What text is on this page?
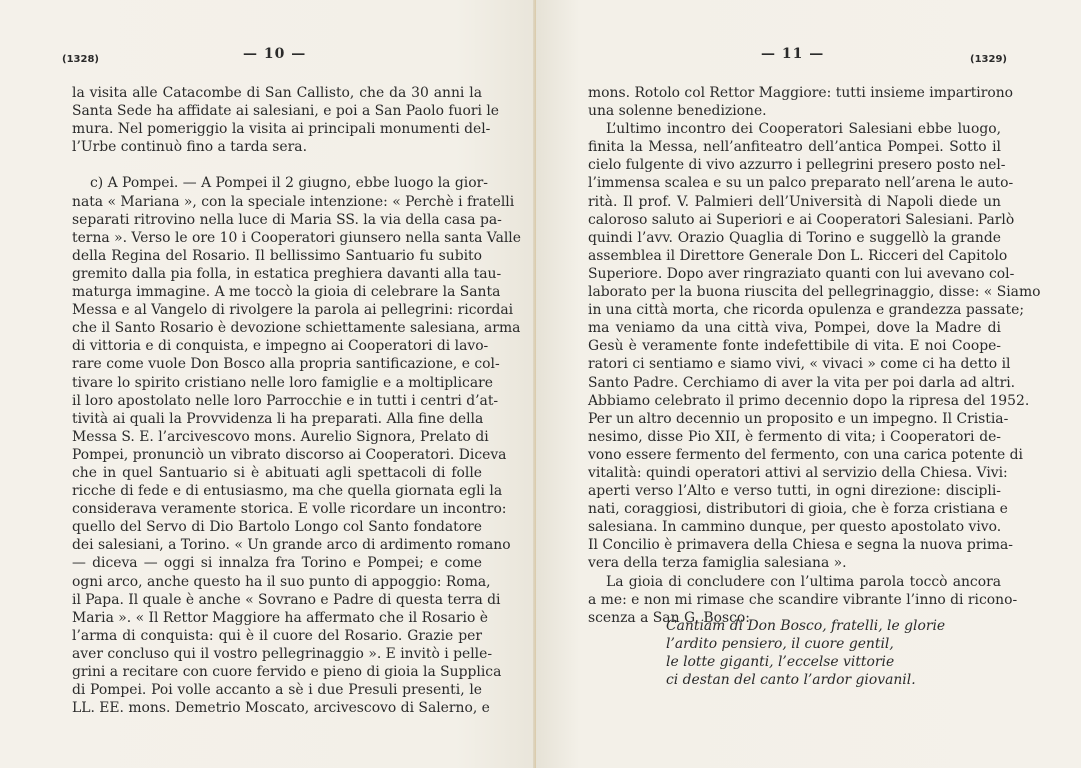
(1328)	— 10 —
la visita alle Catacombe di San Callisto, che da 30 anni la
Santa Sede ha affidate ai salesiani, e poi a San Paolo fuori le
mura. Nel pomeriggio la visita ai principali monumenti del-
l’Urbe continuò fino a tarda sera.

c) A Pompei. — A Pompei il 2 giugno, ebbe luogo la gior-
nata « Mariana », con la speciale intenzione: « Perchè i fratelli
separati ritrovino nella luce di Maria SS. la via della casa pa-
terna ». Verso le ore 10 i Cooperatori giunsero nella santa Valle
della Regina del Rosario. Il bellissimo Santuario fu subito
gremito dalla pia folla, in estatica preghiera davanti alla tau-
maturga immagine. A me toccò la gioia di celebrare la Santa
Messa e al Vangelo di rivolgere la parola ai pellegrini: ricordai
che il Santo Rosario è devozione schiettamente salesiana, arma
di vittoria e di conquista, e impegno ai Cooperatori di lavo-
rare come vuole Don Bosco alla propria santificazione, e col-
tivare lo spirito cristiano nelle loro famiglie e a moltiplicare
il loro apostolato nelle loro Parrocchie e in tutti i centri d’at-
tività ai quali la Provvidenza li ha preparati. Alla fine della
Messa S. E. l’arcivescovo mons. Aurelio Signora, Prelato di
Pompei, pronunciò un vibrato discorso ai Cooperatori. Diceva
che in quel Santuario si è abituati agli spettacoli di folle
ricche di fede e di entusiasmo, ma che quella giornata egli la
considerava veramente storica. E volle ricordare un incontro:
quello del Servo di Dio Bartolo Longo col Santo fondatore
dei salesiani, a Torino. « Un grande arco di ardimento romano
— diceva — oggi si innalza fra Torino e Pompei; e come
ogni arco, anche questo ha il suo punto di appoggio: Roma,
il Papa. Il quale è anche « Sovrano e Padre di questa terra di
Maria ». « Il Rettor Maggiore ha affermato che il Rosario è
l’arma di conquista: qui è il cuore del Rosario. Grazie per
aver concluso qui il vostro pellegrinaggio ». E invitò i pelle-
grini a recitare con cuore fervido e pieno di gioia la Supplica
di Pompei. Poi volle accanto a sè i due Presuli presenti, le
LL. EE. mons. Demetrio Moscato, arcivescovo di Salerno, e
— 11 —	(1329)
mons. Rotolo col Rettor Maggiore: tutti insieme impartirono
una solenne benedizione.
L’ultimo incontro dei Cooperatori Salesiani ebbe luogo,
finita la Messa, nell’anfiteatro dell’antica Pompei. Sotto il
cielo fulgente di vivo azzurro i pellegrini presero posto nel-
l’immensa scalea e su un palco preparato nell’arena le auto-
rità. Il prof. V. Palmieri dell’Università di Napoli diede un
caloroso saluto ai Superiori e ai Cooperatori Salesiani. Parlò
quindi l’avv. Orazio Quaglia di Torino e suggellò la grande
assemblea il Direttore Generale Don L. Ricceri del Capitolo
Superiore. Dopo aver ringraziato quanti con lui avevano col-
laborato per la buona riuscita del pellegrinaggio, disse: « Siamo
in una città morta, che ricorda opulenza e grandezza passate;
ma veniamo da una città viva, Pompei, dove la Madre di
Gesù è veramente fonte indefettibile di vita. E noi Coope-
ratori ci sentiamo e siamo vivi, « vivaci » come ci ha detto il
Santo Padre. Cerchiamo di aver la vita per poi darla ad altri.
Abbiamo celebrato il primo decennio dopo la ripresa del 1952.
Per un altro decennio un proposito e un impegno. Il Cristia-
nesimo, disse Pio XII, è fermento di vita; i Cooperatori de-
vono essere fermento del fermento, con una carica potente di
vitalità: quindi operatori attivi al servizio della Chiesa. Vivi:
aperti verso l’Alto e verso tutti, in ogni direzione: discipli-
nati, coraggiosi, distributori di gioia, che è forza cristiana e
salesiana. In cammino dunque, per questo apostolato vivo.
Il Concilio è primavera della Chiesa e segna la nuova prima-
vera della terza famiglia salesiana ».
La gioia di concludere con l’ultima parola toccò ancora
a me: e non mi rimase che scandire vibrante l’inno di ricono-
scenza a San G. Bosco:
Cantiam di Don Bosco, fratelli, le glorie
l’ardito pensiero, il cuore gentil,
le lotte giganti, l’eccelse vittorie
ci destan del canto l’ardor giovanil.
